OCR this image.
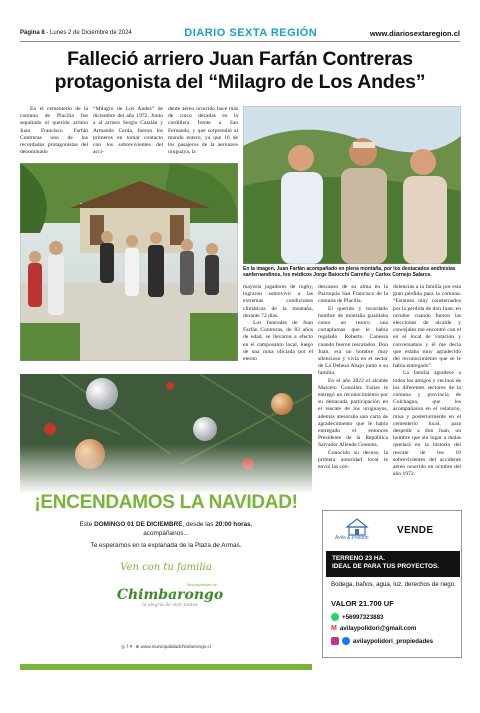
Página 8 - Lunes 2 de Diciembre de 2024	DIARIO SEXTA REGIÓN	www.diariosextaregion.cl
Falleció arriero Juan Farfán Contreras
protagonista del “Milagro de Los Andes”

En el cementerio de la comuna de Placilla fue sepultado el querido arriero Juan Francisco Farfán Contreras uno de los recordados protagonistas del denominado

“Milagro de Los Andes” de diciembre del año 1972. Junto a al arriero Sergio Catalán y Armando Cerda, fueron los primeros en tomar contacto con los sobrevivientes del acci-

dente aéreo ocurrido hace más de cinco décadas en la cordillera frente a San Fernando, y que sorprendió al mundo entero, ya que 16 de los pasajeros de la aeronave uruguaya, la

En la imagen, Juan Farfán acompañado en plena montaña, por los destacados andinistas sanfernandinos, los médicos Jorge Baiocchi Carreño y Carlos Cornejo Salarce.

mayoría jugadores de rugby, lograron sobrevivir a las extremas condiciones climáticas de la montaña, durante 72 días.

Los funerales de Juan Farfán Contreras, de 83 años de edad, se llevaron a efecto en el camposanto local, luego de una misa oficiada por el eterno

descanso de su alma en la Parroquia San Francisco de la comuna de Placilla.

El querido y recordado hombre de montaña guardaba como un tesoro una cortaplumas que le había regalado Roberto Canessa cuando fueron rescatados. Don Juan, era un hombre muy silencioso y vivía en el sector de La Dehesa Abajo junto a su familia.

En el año 2022 el alcalde Marcelo González Farías le entregó un reconocimiento por su destacada participación en el rescate de los uruguayos, además atesoraba una carta de agradecimiento que le había entregado el entonces Presidente de la República Salvador Allende Gossens.

Conocido su deceso, la primera autoridad local le envió las con-

dolencias a la familia por esta gran pérdida para la comuna. “Estamos muy consternados por la pérdida de don Juan; en octubre cuando fueron las elecciones de alcalde y concejales me encontré con el en el local de votación y conversamos y él me decía que estaba muy agradecido del reconocimiento que se le había entregado”.

La familia agradece a todos los amigos y vecinos de los diferentes sectores de la comuna y provincia de Colchagua, que los acompañaron en el velatorio, misa y posteriormente en el cementerio local, para despedir a don Juan, un hombre que sin lugar a dudas quedará en la historia del rescate de los 16 sobrevivientes del accidente aéreo ocurrido en octubre del año 1972.

¡ENCENDAMOS LA NAVIDAD!
Este DOMINGO 01 DE DICIEMBRE, desde las 20:00 horas,
acompáñanos...
Te esperamos en la explanada de la Plaza de Armas.
Ven con tu familia
Municipalidad de
Chimbarongo
la alegría de vivir juntos
◎ f ✕ ⊕ www.municipalidadchimbarongo.cl
Avila & Polidori
VENDE
TERRENO 23 HA.
IDEAL DE PARA TUS PROYECTOS.
Bodega, baños, agua, luz, derechos de riego.
VALOR 21.700 UF
+56997323883
M avilaypolidori@gmail.com
avilaypolidori_propiedades
